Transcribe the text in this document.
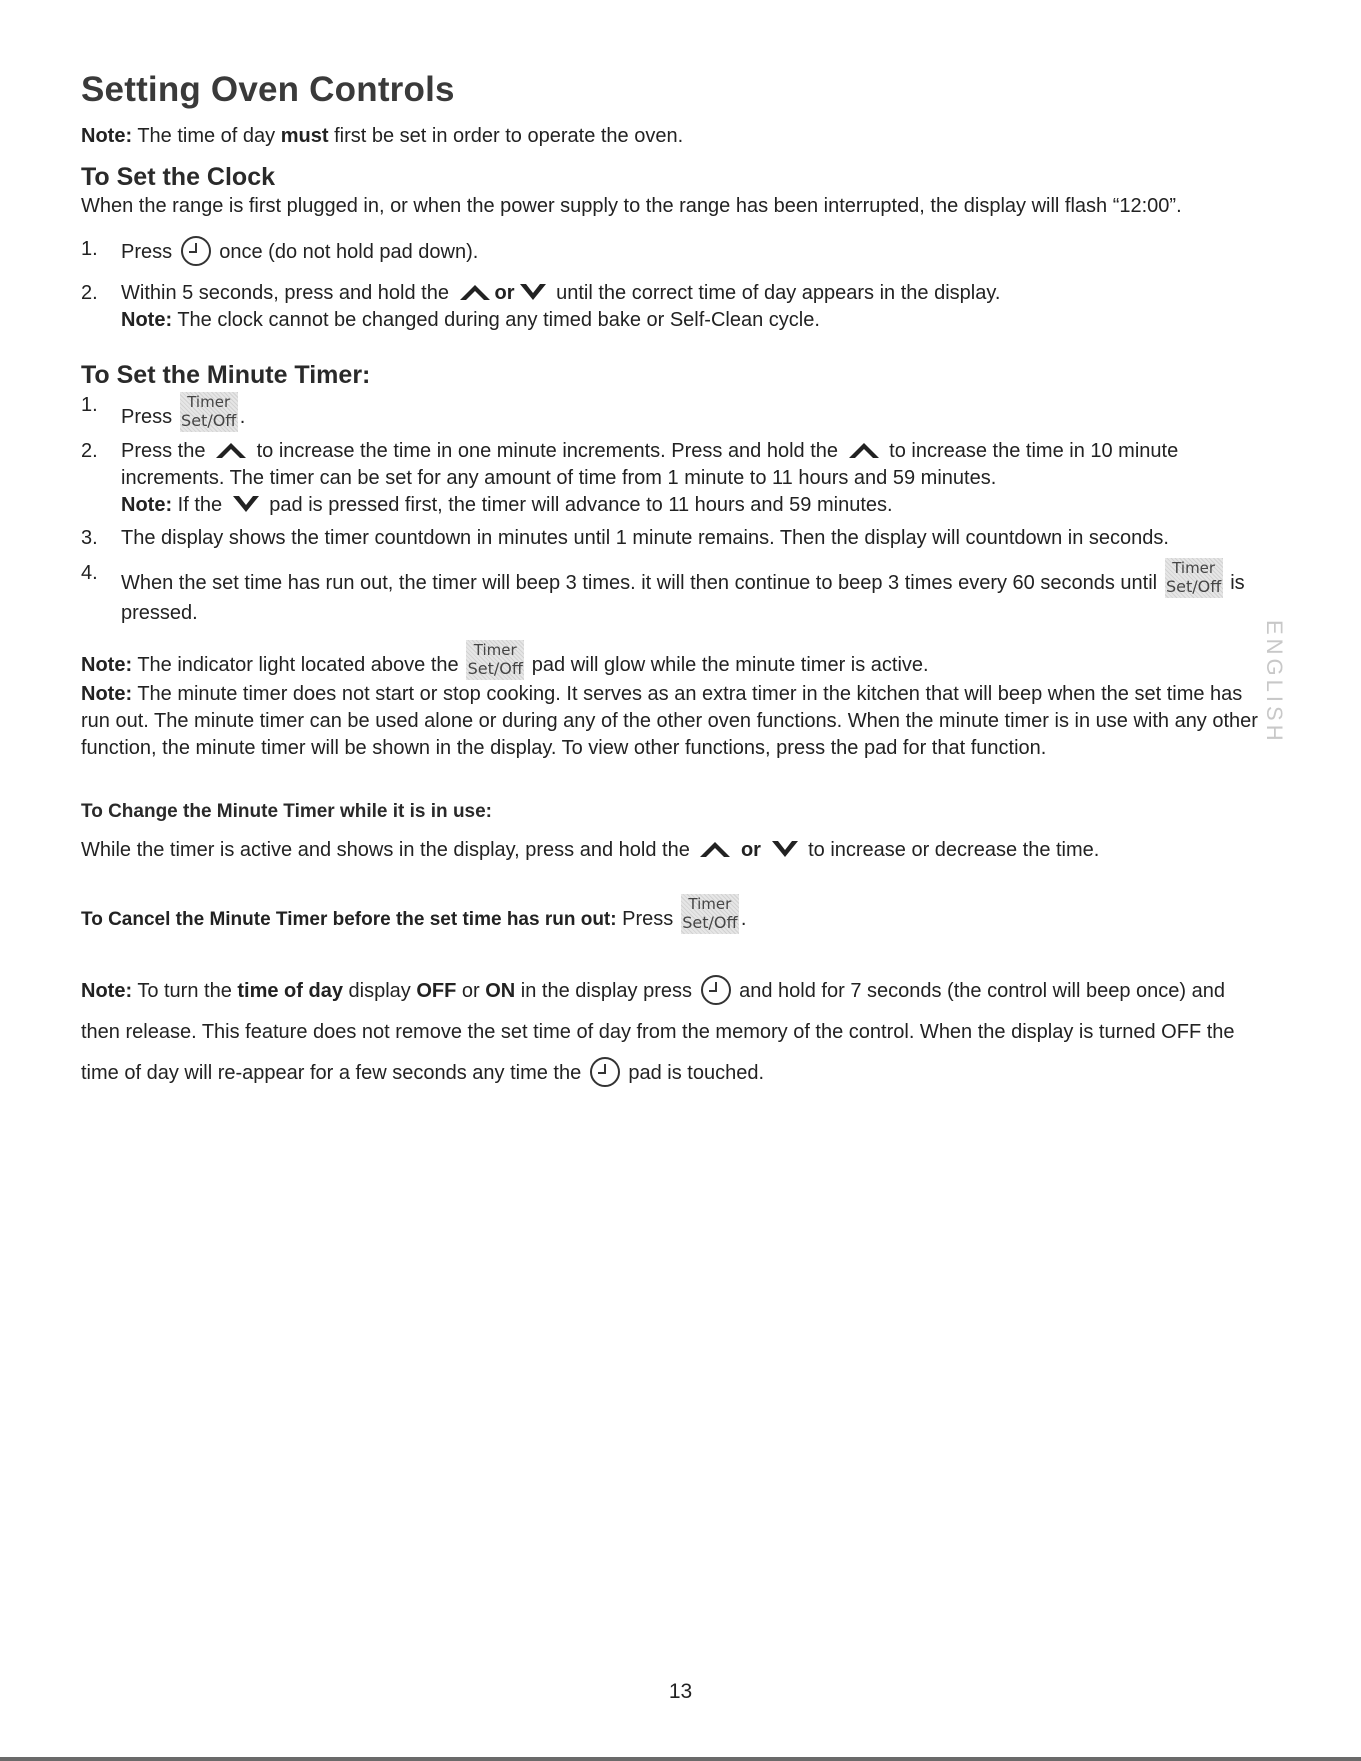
Setting Oven Controls

Note: The time of day must first be set in order to operate the oven.

To Set the Clock

When the range is first plugged in, or when the power supply to the range has been interrupted, the display will flash “12:00”.

1. Press once (do not hold pad down).
2. Within 5 seconds, press and hold the or until the correct time of day appears in the display.
Note: The clock cannot be changed during any timed bake or Self-Clean cycle.
To Set the Minute Timer:
1.
Press
Timer
Set/Off .
2. Press the	to increase the time in one minute increments. Press and hold the	to increase the time in 10 minute increments. The timer can be set for any amount of time from 1 minute to 11 hours and 59 minutes.
Note: If the pad is pressed first, the timer will advance to 11 hours and 59 minutes.
3. The display shows the timer countdown in minutes until 1 minute remains. Then the display will countdown in seconds.
4. When the set time has run out, the timer will beep 3 times. it will then continue to beep 3 times every 60 seconds until
Timer
Set/Off is pressed.

Note: The indicator light located above the
Timer
Set/Off pad will glow while the minute timer is active.

Note: The minute timer does not start or stop cooking. It serves as an extra timer in the kitchen that will beep when the set time has run out. The minute timer can be used alone or during any of the other oven functions. When the minute timer is in use with any other function, the minute timer will be shown in the display. To view other functions, press the pad for that function.

To Change the Minute Timer while it is in use:

While the timer is active and shows in the display, press and hold the	or to increase or decrease the time.

To Cancel the Minute Timer before the set time has run out: Press
Timer
Set/Off .

Note: To turn the time of day display OFF or ON in the display press and hold for 7 seconds (the control will beep once) and then release. This feature does not remove the set time of day from the memory of the control. When the display is turned OFF the time of day will re-appear for a few seconds any time the pad is touched.

ENGLISH
13
